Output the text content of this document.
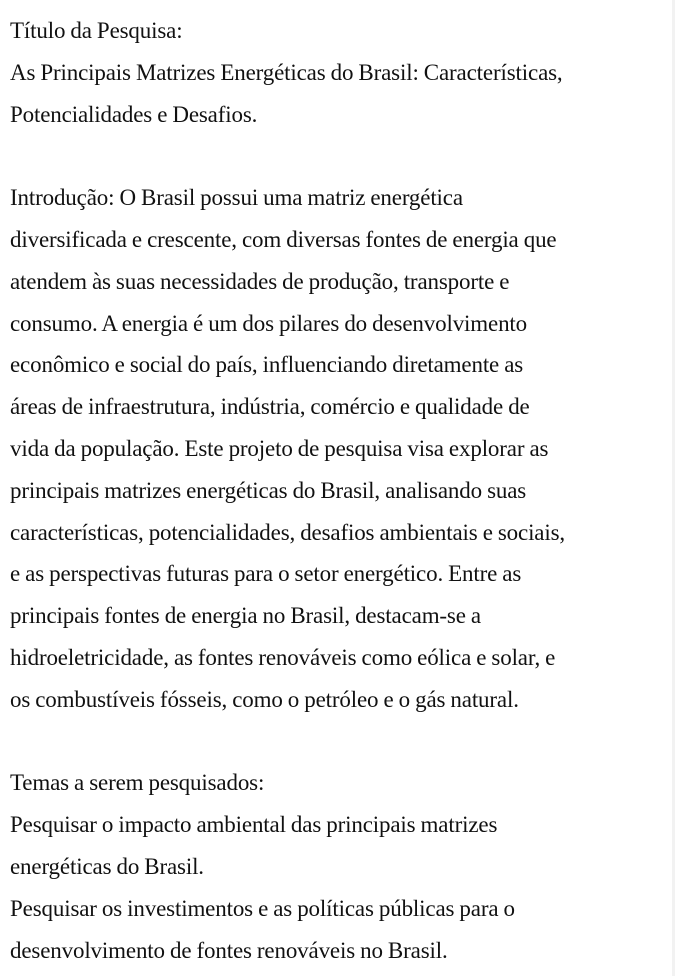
Título da Pesquisa:
As Principais Matrizes Energéticas do Brasil: Características,
Potencialidades e Desafios.
Introdução: O Brasil possui uma matriz energética
diversificada e crescente, com diversas fontes de energia que
atendem às suas necessidades de produção, transporte e
consumo. A energia é um dos pilares do desenvolvimento
econômico e social do país, influenciando diretamente as
áreas de infraestrutura, indústria, comércio e qualidade de
vida da população. Este projeto de pesquisa visa explorar as
principais matrizes energéticas do Brasil, analisando suas
características, potencialidades, desafios ambientais e sociais,
e as perspectivas futuras para o setor energético. Entre as
principais fontes de energia no Brasil, destacam-se a
hidroeletricidade, as fontes renováveis como eólica e solar, e
os combustíveis fósseis, como o petróleo e o gás natural.
Temas a serem pesquisados:
Pesquisar o impacto ambiental das principais matrizes
energéticas do Brasil.
Pesquisar os investimentos e as políticas públicas para o
desenvolvimento de fontes renováveis no Brasil.
